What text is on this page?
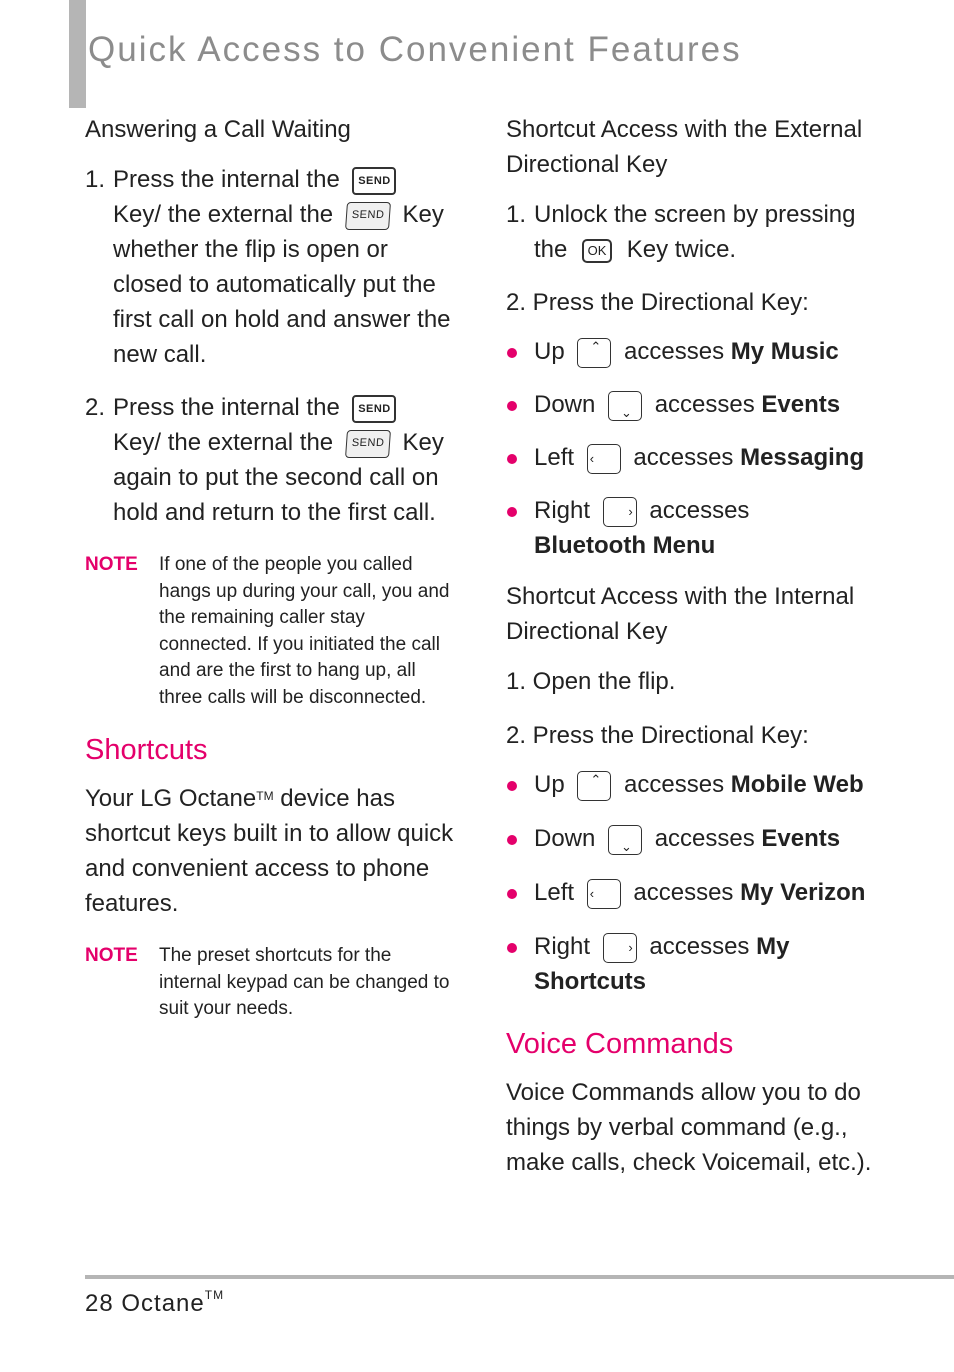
Quick Access to Convenient Features

Answering a Call Waiting

1. Press the internal the SEND
Key/ the external the SEND Key
whether the flip is open or closed to automatically put the first call on hold and answer the new call.
2. Press the internal the SEND
Key/ the external the SEND Key
again to put the second call on hold and return to the first call.
NOTE	If one of the people you called hangs up during your call, you and the remaining caller stay connected. If you initiated the call and are the first to hang up, all three calls will be disconnected.
Shortcuts
Your LG Octane™ device has shortcut keys built in to allow quick and convenient access to phone features.
NOTE	The preset shortcuts for the internal keypad can be changed to suit your needs.

Shortcut Access with the External Directional Key

1. Unlock the screen by pressing the OK Key twice.
2. Press the Directional Key:
Up ⌃ accesses My Music
Down ⌄ accesses Events
Left ‹ accesses Messaging
Right	› accesses Bluetooth Menu

Shortcut Access with the Internal Directional Key

1. Open the flip.
2. Press the Directional Key:
Up ⌃ accesses Mobile Web
Down ⌄ accesses Events
Left ‹ accesses My Verizon
Right	› accesses My Shortcuts
Voice Commands
Voice Commands allow you to do things by verbal command (e.g., make calls, check Voicemail, etc.).
28 Octane™
